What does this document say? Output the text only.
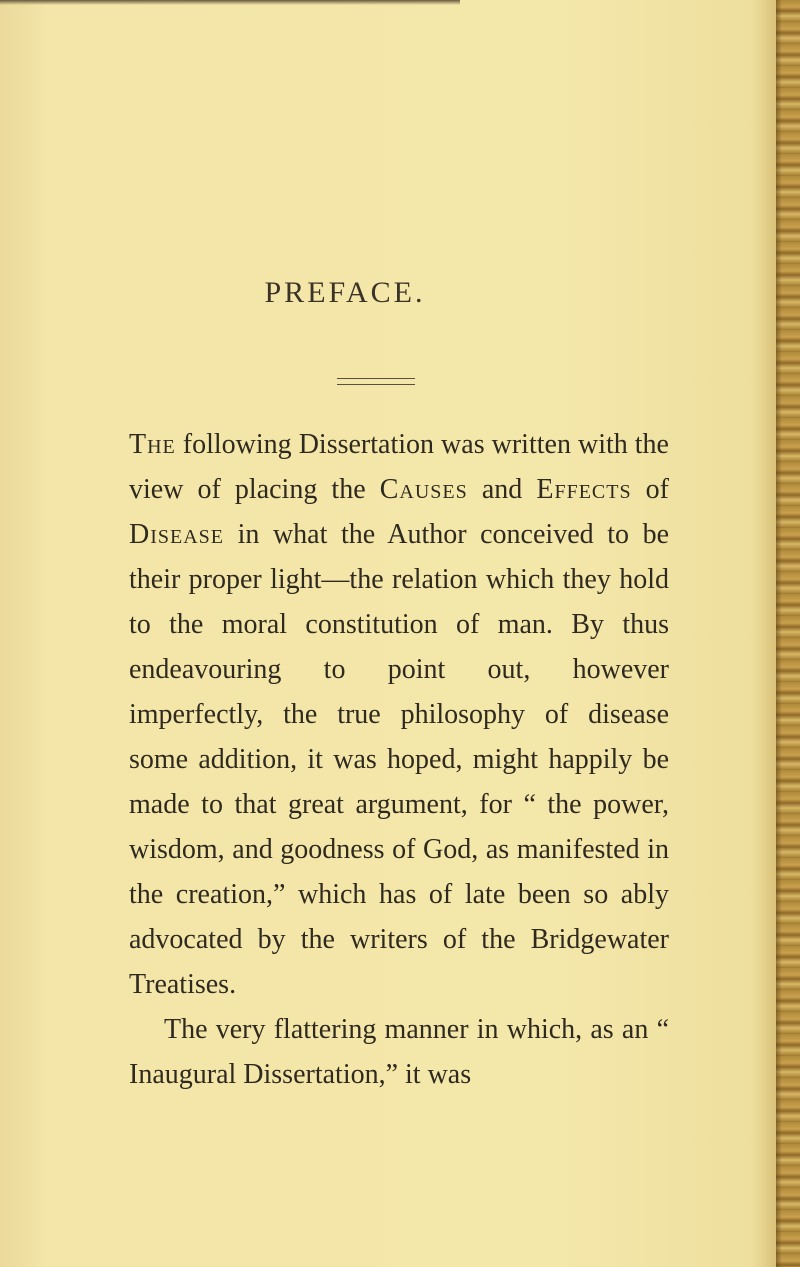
PREFACE.

The following Dissertation was written with the view of placing the Causes and Effects of Disease in what the Author conceived to be their proper light—the relation which they hold to the moral constitution of man. By thus endeavouring to point out, however imperfectly, the true philosophy of disease some addition, it was hoped, might happily be made to that great argument, for “ the power, wisdom, and goodness of God, as manifested in the creation,” which has of late been so ably advocated by the writers of the Bridgewater Treatises.

The very flattering manner in which, as an “ Inaugural Dissertation,” it was
